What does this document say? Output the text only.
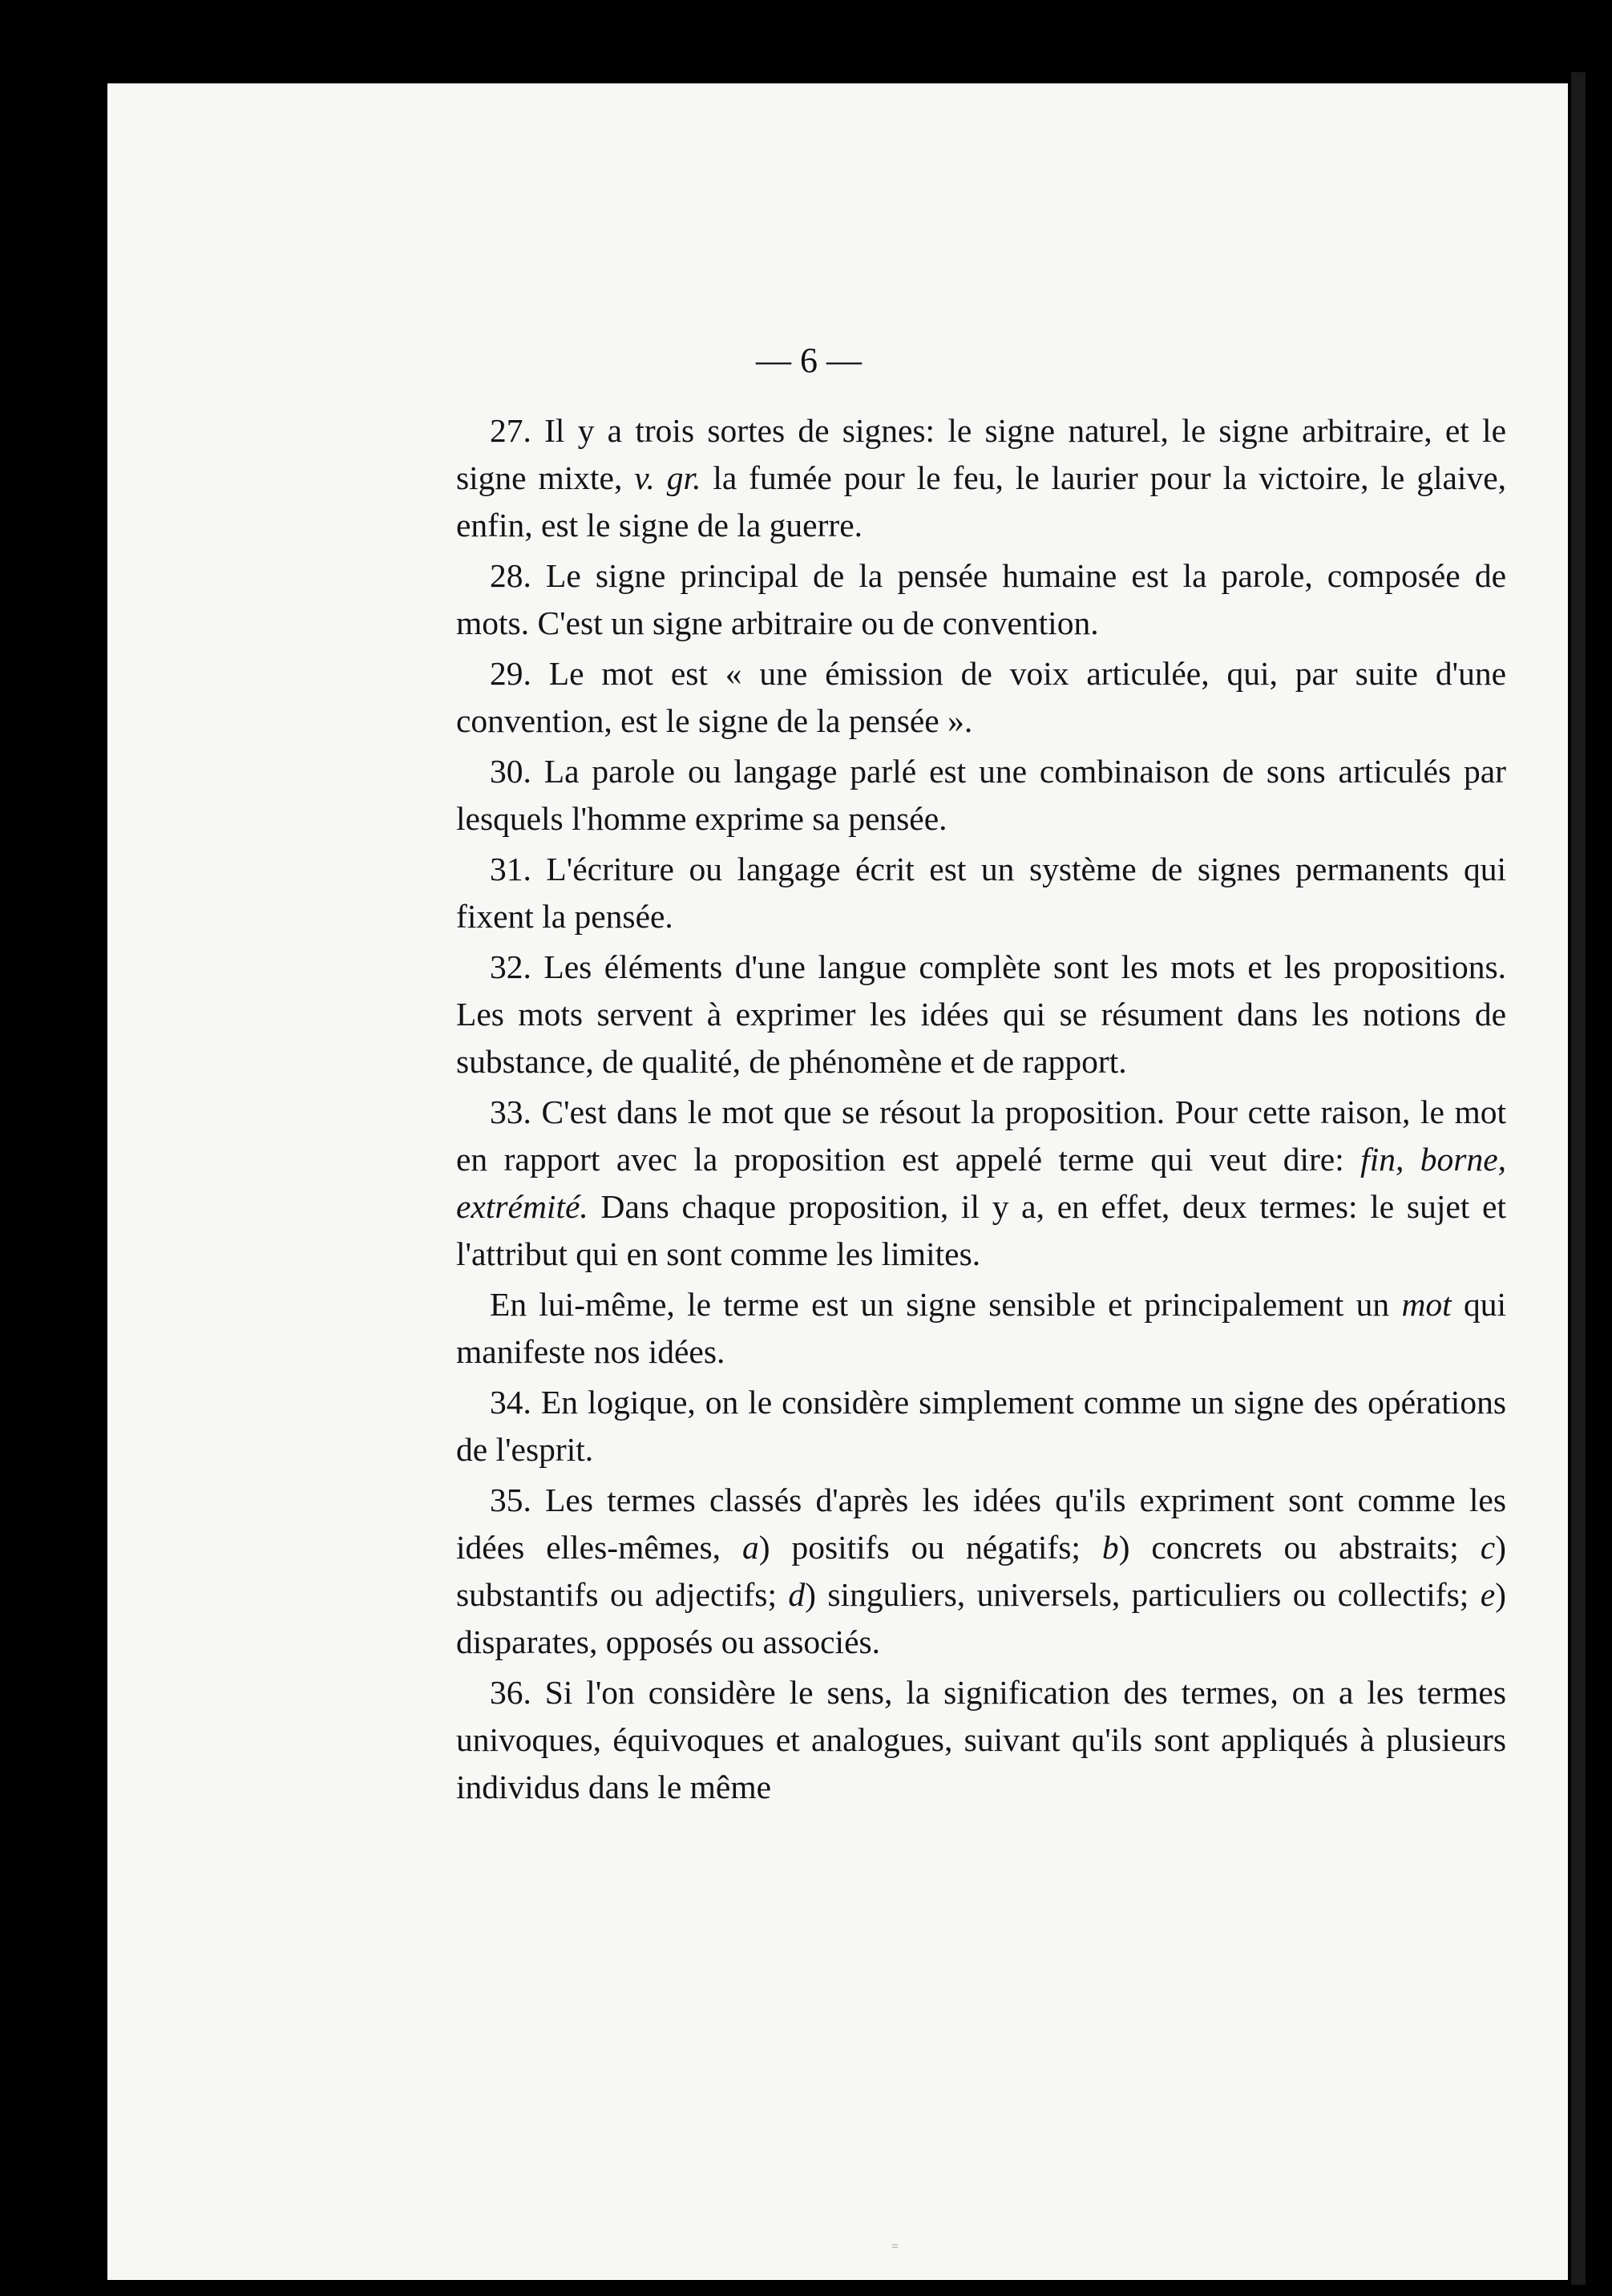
— 6 —

27. Il y a trois sortes de signes: le signe naturel, le signe arbitraire, et le signe mixte, v. gr. la fumée pour le feu, le laurier pour la victoire, le glaive, enfin, est le signe de la guerre.

28. Le signe principal de la pensée humaine est la parole, composée de mots. C'est un signe arbitraire ou de convention.

29. Le mot est « une émission de voix articulée, qui, par suite d'une convention, est le signe de la pensée ».

30. La parole ou langage parlé est une combinaison de sons articulés par lesquels l'homme exprime sa pensée.

31. L'écriture ou langage écrit est un système de signes permanents qui fixent la pensée.

32. Les éléments d'une langue complète sont les mots et les propositions. Les mots servent à exprimer les idées qui se résument dans les notions de substance, de qualité, de phénomène et de rapport.

33. C'est dans le mot que se résout la proposition. Pour cette raison, le mot en rapport avec la proposition est appelé terme qui veut dire: fin, borne, extrémité. Dans chaque proposition, il y a, en effet, deux termes: le sujet et l'attribut qui en sont comme les limites.

En lui-même, le terme est un signe sensible et principalement un mot qui manifeste nos idées.

34. En logique, on le considère simplement comme un signe des opérations de l'esprit.

35. Les termes classés d'après les idées qu'ils expriment sont comme les idées elles-mêmes, a) positifs ou négatifs; b) concrets ou abstraits; c) substantifs ou adjectifs; d) singuliers, universels, particuliers ou collectifs; e) disparates, opposés ou associés.

36. Si l'on considère le sens, la signification des termes, on a les termes univoques, équivoques et analogues, suivant qu'ils sont appliqués à plusieurs individus dans le même

=
